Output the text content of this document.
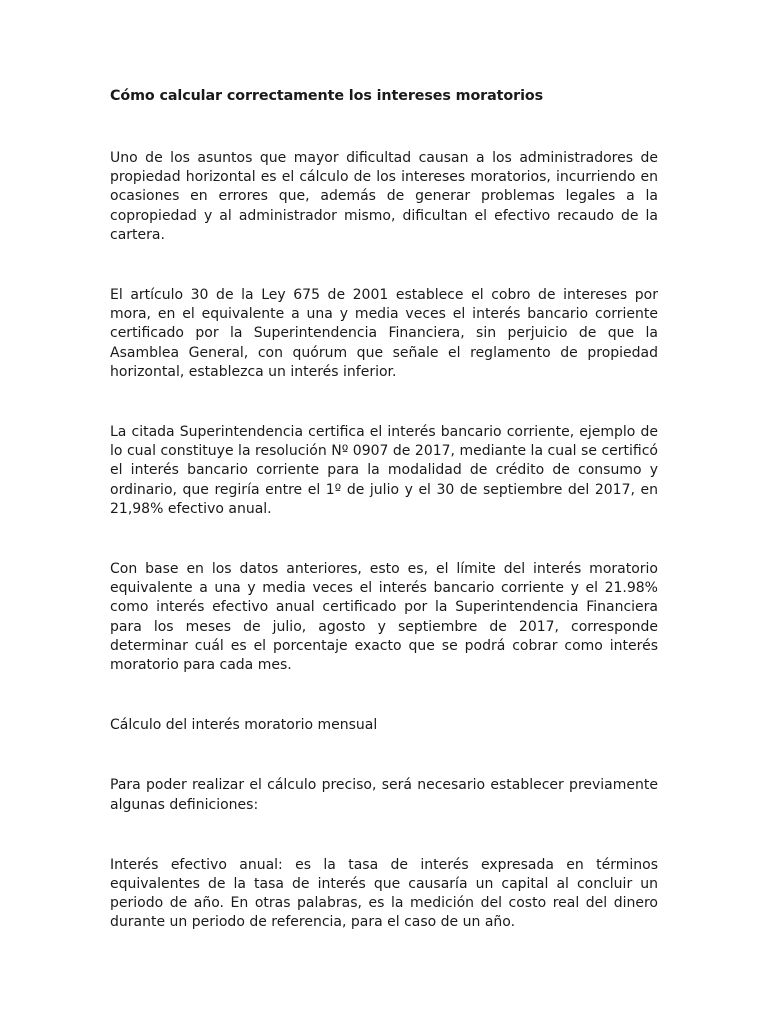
Cómo calcular correctamente los intereses moratorios

Uno de los asuntos que mayor dificultad causan a los administradores de propiedad horizontal es el cálculo de los intereses moratorios, incurriendo en ocasiones en errores que, además de generar problemas legales a la copropiedad y al administrador mismo, dificultan el efectivo recaudo de la cartera.

El artículo 30 de la Ley 675 de 2001 establece el cobro de intereses por mora, en el equivalente a una y media veces el interés bancario corriente certificado por la Superintendencia Financiera, sin perjuicio de que la Asamblea General, con quórum que señale el reglamento de propiedad horizontal, establezca un interés inferior.

La citada Superintendencia certifica el interés bancario corriente, ejemplo de lo cual constituye la resolución Nº 0907 de 2017, mediante la cual se certificó el interés bancario corriente para la modalidad de crédito de consumo y ordinario, que regiría entre el 1º de julio y el 30 de septiembre del 2017, en 21,98% efectivo anual.

Con base en los datos anteriores, esto es, el límite del interés moratorio equivalente a una y media veces el interés bancario corriente y el 21.98% como interés efectivo anual certificado por la Superintendencia Financiera para los meses de julio, agosto y septiembre de 2017, corresponde determinar cuál es el porcentaje exacto que se podrá cobrar como interés moratorio para cada mes.

Cálculo del interés moratorio mensual

Para poder realizar el cálculo preciso, será necesario establecer previamente algunas definiciones:

Interés efectivo anual: es la tasa de interés expresada en términos equivalentes de la tasa de interés que causaría un capital al concluir un periodo de año. En otras palabras, es la medición del costo real del dinero durante un periodo de referencia, para el caso de un año.
